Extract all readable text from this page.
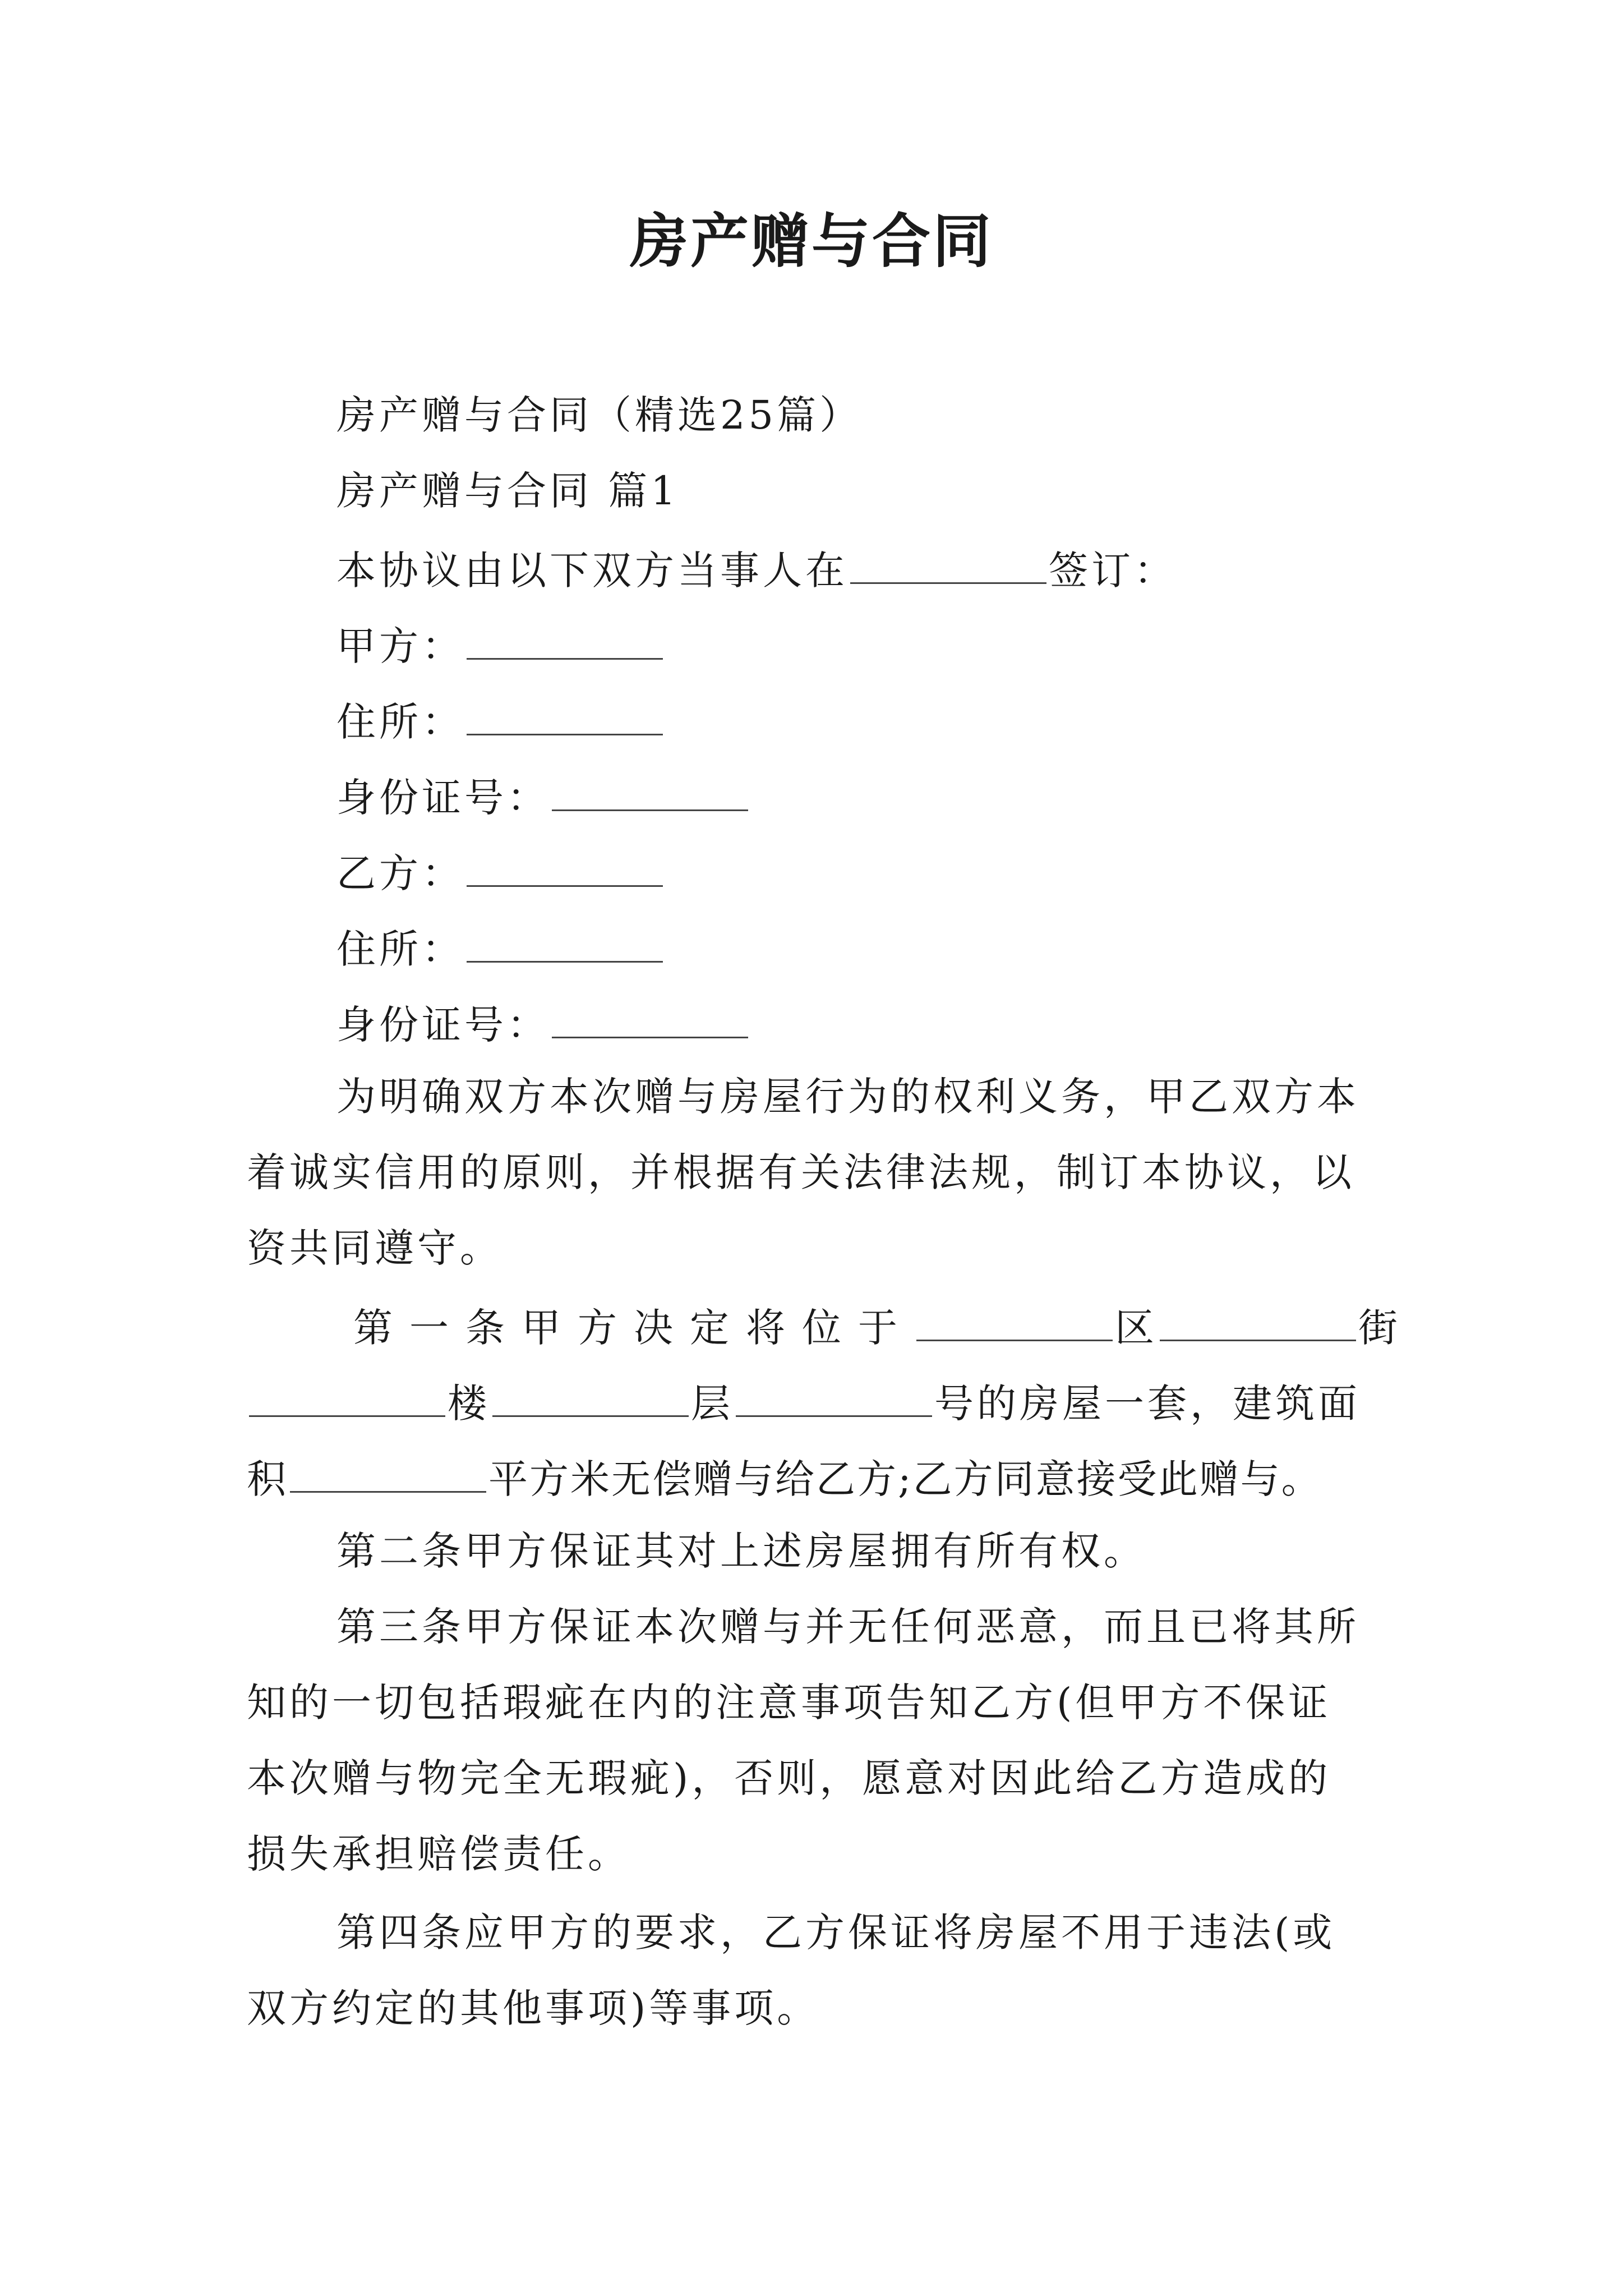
房产赠与合同
房产赠与合同（精选25篇）
房产赠与合同 篇1
本协议由以下双方当事人在	签订：
甲方：
住所：
身份证号：
乙方：
住所：
身份证号：
为明确双方本次赠与房屋行为的权利义务，甲乙双方本
着诚实信用的原则，并根据有关法律法规，制订本协议，以
资共同遵守。
第一条甲方决定将位于	区	街
楼	层	号的房屋一套，建筑面
积	平方米无偿赠与给乙方;乙方同意接受此赠与。
第二条甲方保证其对上述房屋拥有所有权。
第三条甲方保证本次赠与并无任何恶意，而且已将其所
知的一切包括瑕疵在内的注意事项告知乙方(但甲方不保证
本次赠与物完全无瑕疵)，否则，愿意对因此给乙方造成的
损失承担赔偿责任。
第四条应甲方的要求，乙方保证将房屋不用于违法(或
双方约定的其他事项)等事项。
